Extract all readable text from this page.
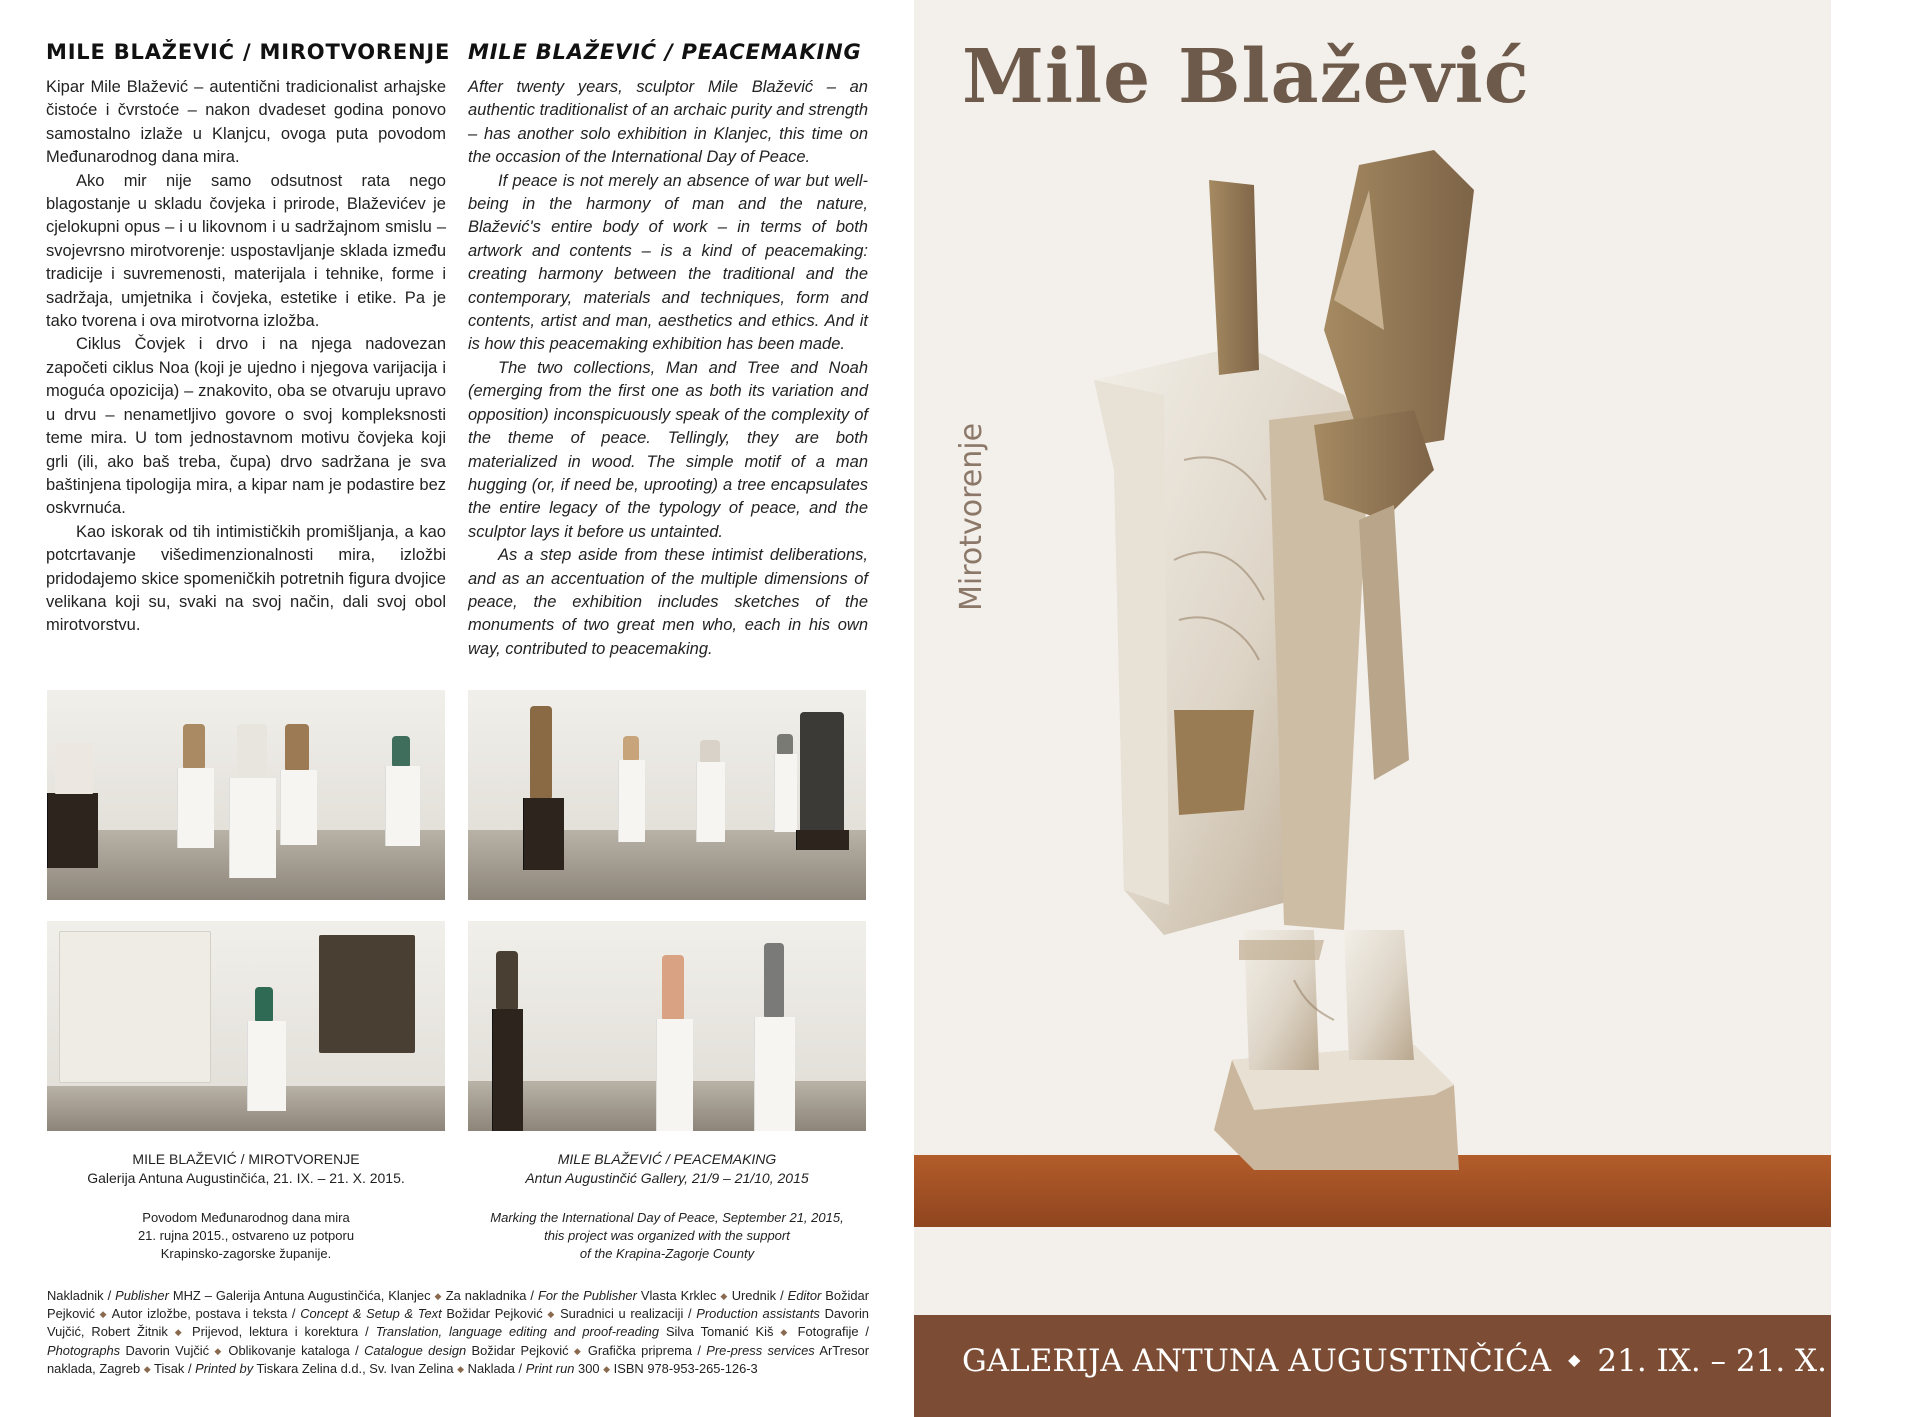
MILE BLAŽEVIĆ / MIROTVORENJE

Kipar Mile Blažević – autentični tradicionalist arhajske čistoće i čvrstoće – nakon dvadeset godina ponovo samostalno izlaže u Klanjcu, ovoga puta povodom Međunarodnog dana mira.

Ako mir nije samo odsutnost rata nego blagostanje u skladu čovjeka i prirode, Blaževićev je cjelokupni opus – i u likovnom i u sadržajnom smislu – svojevrsno mirotvorenje: uspostavljanje sklada između tradicije i suvremenosti, materijala i tehnike, forme i sadržaja, umjetnika i čovjeka, estetike i etike. Pa je tako tvorena i ova mirotvorna izložba.

Ciklus Čovjek i drvo i na njega nadovezan započeti ciklus Noa (koji je ujedno i njegova varijacija i moguća opozicija) – znakovito, oba se otvaruju upravo u drvu – nenametljivo govore o svoj kompleksnosti teme mira. U tom jednostavnom motivu čovjeka koji grli (ili, ako baš treba, čupa) drvo sadržana je sva baštinjena tipologija mira, a kipar nam je podastire bez oskvrnuća.

Kao iskorak od tih intimističkih promišljanja, a kao potcrtavanje višedimenzionalnosti mira, izložbi pridodajemo skice spomeničkih potretnih figura dvojice velikana koji su, svaki na svoj način, dali svoj obol mirotvorstvu.

MILE BLAŽEVIĆ / PEACEMAKING

After twenty years, sculptor Mile Blažević – an authentic traditionalist of an archaic purity and strength – has another solo exhibition in Klanjec, this time on the occasion of the International Day of Peace.

If peace is not merely an absence of war but well-being in the harmony of man and the nature, Blažević's entire body of work – in terms of both artwork and contents – is a kind of peacemaking: creating harmony between the traditional and the contemporary, materials and techniques, form and contents, artist and man, aesthetics and ethics. And it is how this peacemaking exhibition has been made.

The two collections, Man and Tree and Noah (emerging from the first one as both its variation and opposition) inconspicuously speak of the complexity of the theme of peace. Tellingly, they are both materialized in wood. The simple motif of a man hugging (or, if need be, uprooting) a tree encapsulates the entire legacy of the typology of peace, and the sculptor lays it before us untainted.

As a step aside from these intimist deliberations, and as an accentuation of the multiple dimensions of peace, the exhibition includes sketches of the monuments of two great men who, each in his own way, contributed to peacemaking.

MILE BLAŽEVIĆ / MIROTVORENJE
Galerija Antuna Augustinčića, 21. IX. – 21. X. 2015.
Povodom Međunarodnog dana mira
21. rujna 2015., ostvareno uz potporu
Krapinsko-zagorske županije.
MILE BLAŽEVIĆ / PEACEMAKING
Antun Augustinčić Gallery, 21/9 – 21/10, 2015
Marking the International Day of Peace, September 21, 2015,
this project was organized with the support
of the Krapina-Zagorje County
Nakladnik / Publisher MHZ – Galerija Antuna Augustinčića, Klanjec ◆ Za nakladnika / For the Publisher Vlasta Krklec ◆ Urednik / Editor Božidar Pejković ◆ Autor izložbe, postava i teksta / Concept & Setup & Text Božidar Pejković ◆ Suradnici u realizaciji / Production assistants Davorin Vujčić, Robert Žitnik ◆ Prijevod, lektura i korektura / Translation, language editing and proof-reading Silva Tomanić Kiš ◆ Fotografije / Photographs Davorin Vujčić ◆ Oblikovanje kataloga / Catalogue design Božidar Pejković ◆ Grafička priprema / Pre-press services ArTresor naklada, Zagreb ◆ Tisak / Printed by Tiskara Zelina d.d., Sv. Ivan Zelina ◆ Naklada / Print run 300 ◆ ISBN 978-953-265-126-3
Mile Blažević
Mirotvorenje
GALERIJA ANTUNA AUGUSTINČIĆA ◆ 21. IX. – 21. X. 2015.
